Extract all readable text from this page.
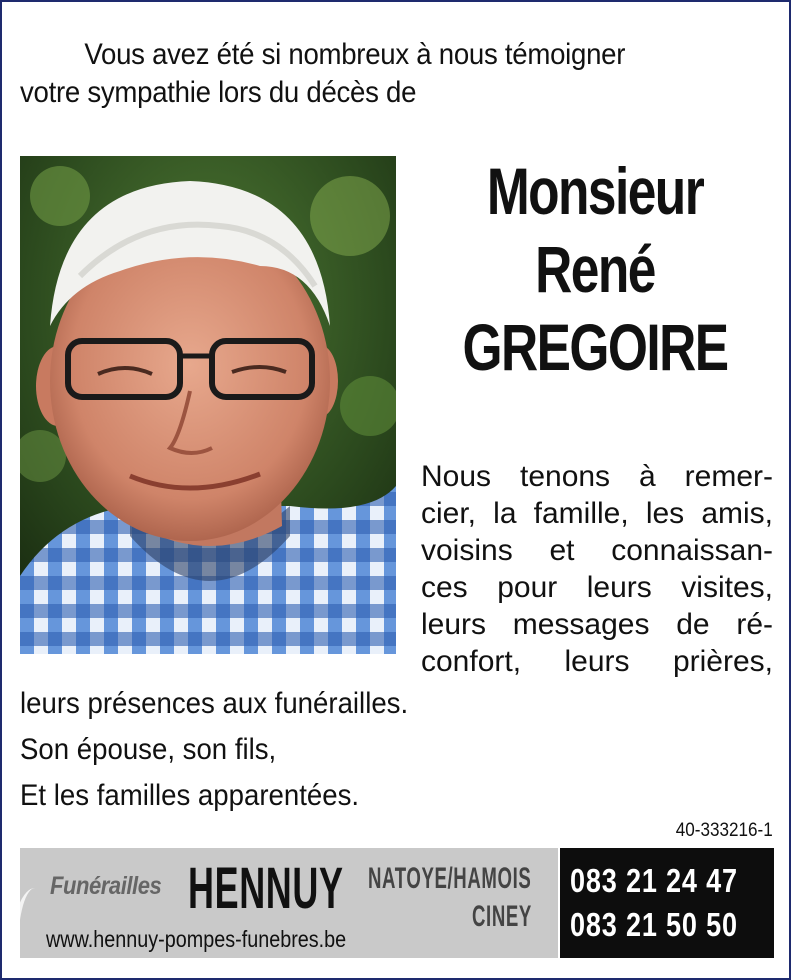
Vous avez été si nombreux à nous témoigner
votre sympathie lors du décès de
Monsieur
René
GREGOIRE
Nous tenons à remer-
cier, la famille, les amis,
voisins et connaissan-
ces pour leurs visites,
leurs messages de ré-
confort, leurs prières,
leurs présences aux funérailles.
Son épouse, son fils,
Et les familles apparentées.
40-333216-1
Funérailles HENNUY NATOYE/HAMOIS
CINEY
www.hennuy-pompes-funebres.be
083 21 24 47
083 21 50 50
